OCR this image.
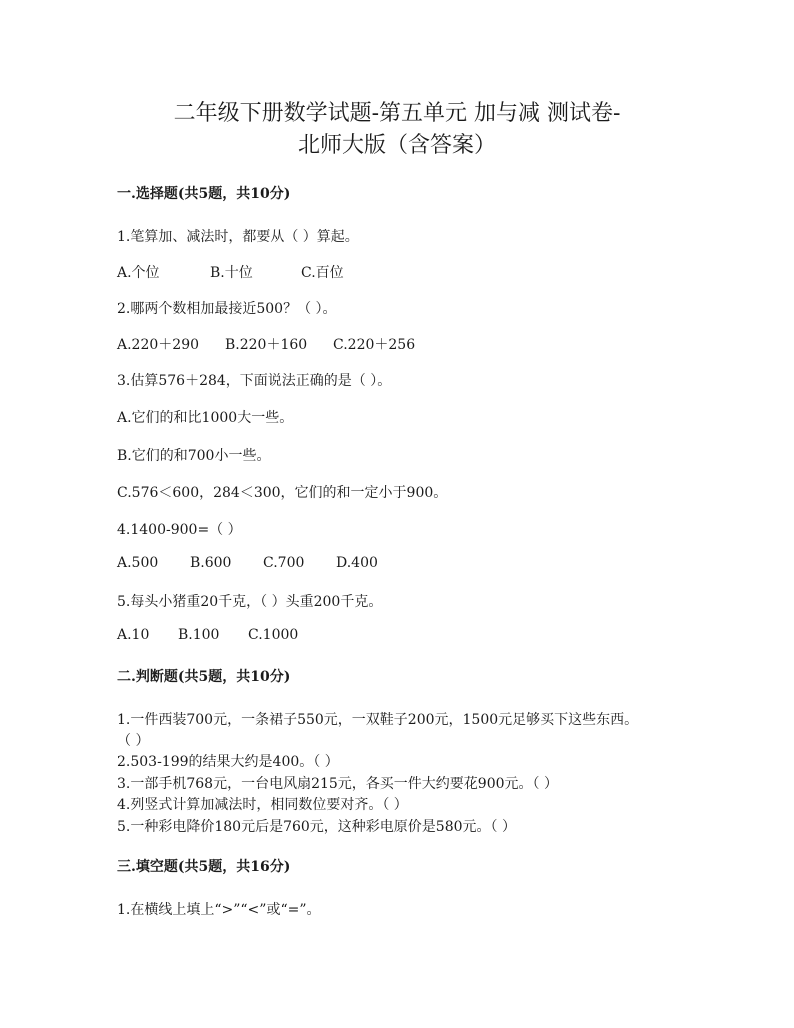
二年级下册数学试题-第五单元 加与减 测试卷-
北师大版（含答案）
一.选择题(共5题，共10分)
1.笔算加、减法时，都要从（ ）算起。
A.个位	B.十位	C.百位
2.哪两个数相加最接近500？（ ）。
A.220＋290 B.220＋160 C.220＋256
3.估算576＋284，下面说法正确的是（ ）。
A.它们的和比1000大一些。
B.它们的和700小一些。
C.576＜600，284＜300，它们的和一定小于900。
4.1400-900=（ ）
A.500 B.600 C.700 D.400
5.每头小猪重20千克，（ ）头重200千克。
A.10 B.100 C.1000
二.判断题(共5题，共10分)
1.一件西装700元，一条裙子550元，一双鞋子200元，1500元足够买下这些东西。
（ ）
2.503-199的结果大约是400。（ ）
3.一部手机768元，一台电风扇215元，各买一件大约要花900元。（ ）
4.列竖式计算加减法时，相同数位要对齐。（ ）
5.一种彩电降价180元后是760元，这种彩电原价是580元。（ ）
三.填空题(共5题，共16分)
1.在横线上填上“>”“<”或“=”。
